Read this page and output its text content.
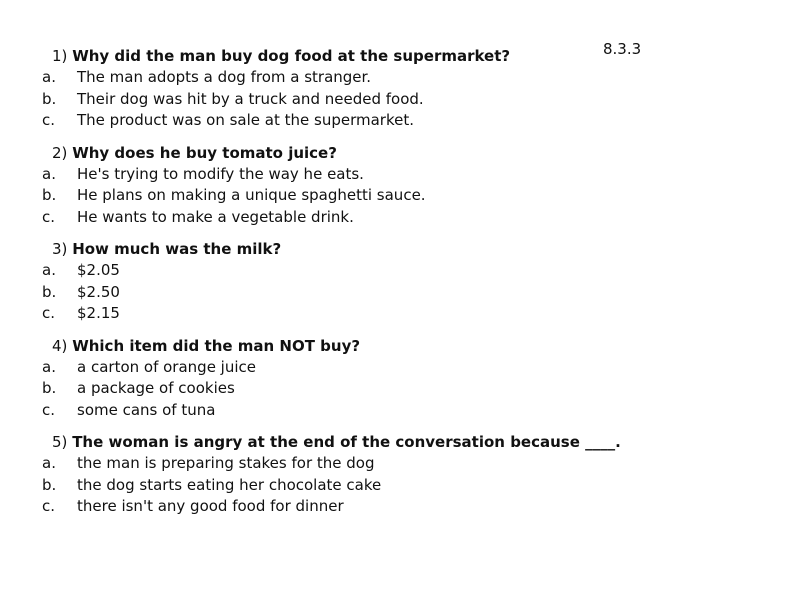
8.3.3
1) Why did the man buy dog food at the supermarket?
a. The man adopts a dog from a stranger.
b. Their dog was hit by a truck and needed food.
c. The product was on sale at the supermarket.
2) Why does he buy tomato juice?
a. He's trying to modify the way he eats.
b. He plans on making a unique spaghetti sauce.
c. He wants to make a vegetable drink.
3) How much was the milk?
a. $2.05
b. $2.50
c. $2.15
4) Which item did the man NOT buy?
a. a carton of orange juice
b. a package of cookies
c. some cans of tuna
5) The woman is angry at the end of the conversation because ____.
a. the man is preparing stakes for the dog
b. the dog starts eating her chocolate cake
c. there isn't any good food for dinner
